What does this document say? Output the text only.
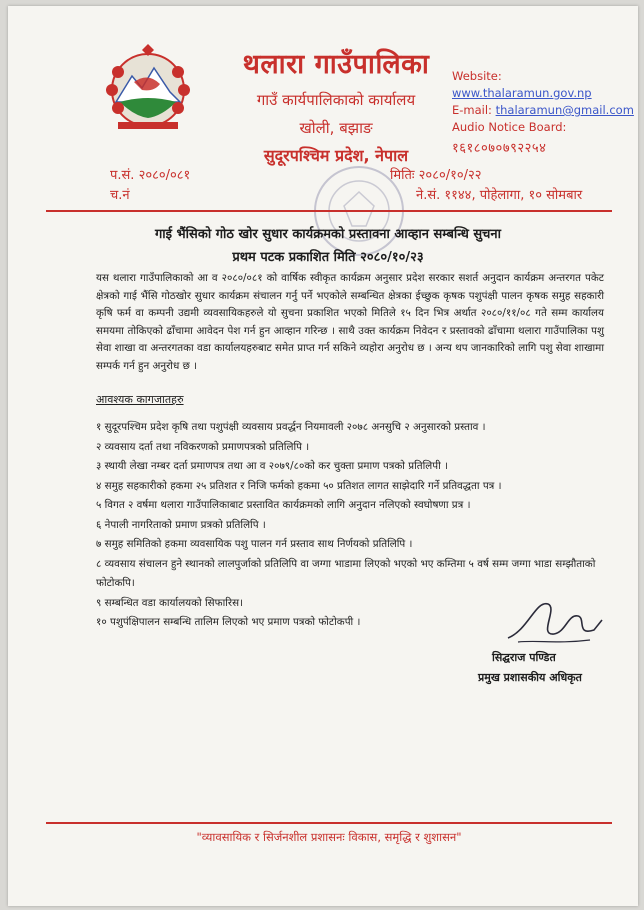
थलारा गाउँपालिका
गाउँ कार्यपालिकाको कार्यालय
खोली, बझाङ
सुदूरपश्चिम प्रदेश, नेपाल
Website: www.thalaramun.gov.np
E-mail: thalaramun@gmail.com
Audio Notice Board:
१६१८०७०७९२२५४
प.सं. २०८०/०८१
च.नं
मितिः २०८०/१०/२२
ने.सं. ११४४, पोहेलागा, १० सोमबार
गाई भैंसिको गोठ खोर सुधार कार्यक्रमको प्रस्तावना आव्हान सम्बन्धि सुचना
प्रथम पटक प्रकाशित मिति २०८०/१०/२३
यस थलारा गाउँपालिकाको आ व २०८०/०८१ को वार्षिक स्वीकृत कार्यक्रम अनुसार प्रदेश सरकार सशर्त अनुदान कार्यक्रम अन्तरगत पकेट क्षेत्रको गाई भैंसि गोठखोर सुधार कार्यक्रम संचालन गर्नु पर्ने भएकोले सम्बन्धित क्षेत्रका ईच्छुक कृषक पशुपंक्षी पालन कृषक समुह सहकारी कृषि फर्म वा कम्पनी उद्यमी व्यवसायिकहरुले यो सुचना प्रकाशित भएको मितिले १५ दिन भित्र अर्थात २०८०/११/०८ गते सम्म कार्यालय समयमा तोकिएको ढाँचामा आवेदन पेश गर्न हुन आव्हान गरिन्छ । साथै उक्त कार्यक्रम निवेदन र प्रस्तावको ढाँचामा थलारा गाउँपालिका पशु सेवा शाखा वा अन्तरगतका वडा कार्यालयहरुबाट समेत प्राप्त गर्न सकिने व्यहोरा अनुरोध छ । अन्य थप जानकारिको लागि पशु सेवा शाखामा सम्पर्क गर्न हुन अनुरोध छ ।
आवश्यक कागजातहरु
१ सुदूरपश्चिम प्रदेश कृषि तथा पशुपंक्षी व्यवसाय प्रवर्द्धन नियमावली २०७८ अनसुचि २ अनुसारको प्रस्ताव ।
२ व्यवसाय दर्ता तथा नविकरणको प्रमाणपत्रको प्रतिलिपि ।
३ स्थायी लेखा नम्बर दर्ता प्रमाणपत्र तथा आ व २०७९/८०को कर चुक्ता प्रमाण पत्रको प्रतिलिपी ।
४ समुह सहकारीको हकमा २५ प्रतिशत र निजि फर्मको हकमा ५० प्रतिशत लागत साझेदारि गर्ने प्रतिवद्धता पत्र ।
५ विगत २ वर्षमा थलारा गाउँपालिकाबाट प्रस्तावित कार्यक्रमको लागि अनुदान नलिएको स्वघोषणा प्रत्र ।
६ नेपाली नागरिताको प्रमाण प्रत्रको प्रतिलिपि ।
७ समुह समितिको हकमा व्यवसायिक पशु पालन गर्न प्रस्ताव साथ निर्णयको प्रतिलिपि ।
८ व्यवसाय संचालन हुने स्थानको लालपुर्जाको प्रतिलिपि वा जग्गा भाडामा लिएको भएको भए कम्तिमा ५ वर्ष सम्म जग्गा भाडा सम्झौताको फोटोकपि।
९ सम्बन्धित वडा कार्यालयको सिफारिस।
१० पशुपंक्षिपालन सम्बन्धि तालिम लिएको भए प्रमाण पत्रको फोटोकपी ।
सिद्घराज पण्डित
प्रमुख प्रशासकीय अधिकृत
"व्यावसायिक र सिर्जनशील प्रशासनः विकास, समृद्धि र शुशासन"
